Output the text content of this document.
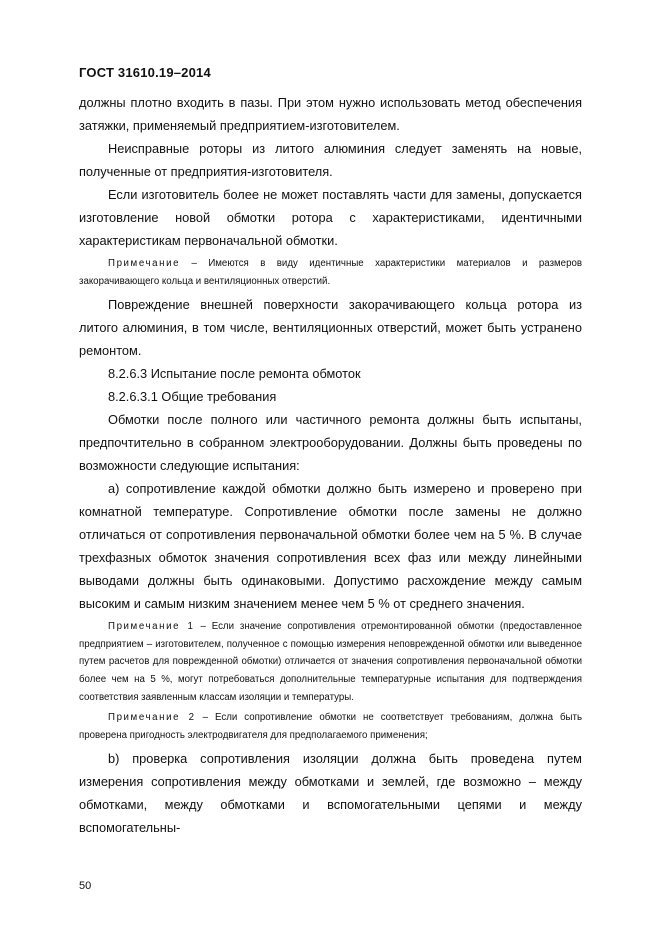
ГОСТ 31610.19–2014

должны плотно входить в пазы. При этом нужно использовать метод обеспечения затяжки, применяемый предприятием-изготовителем.

Неисправные роторы из литого алюминия следует заменять на новые, полученные от предприятия-изготовителя.

Если изготовитель более не может поставлять части для замены, допускается изготовление новой обмотки ротора с характеристиками, идентичными характеристикам первоначальной обмотки.

Примечание – Имеются в виду идентичные характеристики материалов и размеров закорачивающего кольца и вентиляционных отверстий.

Повреждение внешней поверхности закорачивающего кольца ротора из литого алюминия, в том числе, вентиляционных отверстий, может быть устранено ремонтом.

8.2.6.3 Испытание после ремонта обмоток

8.2.6.3.1 Общие требования

Обмотки после полного или частичного ремонта должны быть испытаны, предпочтительно в собранном электрооборудовании. Должны быть проведены по возможности следующие испытания:

a) сопротивление каждой обмотки должно быть измерено и проверено при комнатной температуре. Сопротивление обмотки после замены не должно отличаться от сопротивления первоначальной обмотки более чем на 5 %. В случае трехфазных обмоток значения сопротивления всех фаз или между линейными выводами должны быть одинаковыми. Допустимо расхождение между самым высоким и самым низким значением менее чем 5 % от среднего значения.

Примечание 1 – Если значение сопротивления отремонтированной обмотки (предоставленное предприятием – изготовителем, полученное с помощью измерения неповрежденной обмотки или выведенное путем расчетов для поврежденной обмотки) отличается от значения сопротивления первоначальной обмотки более чем на 5 %, могут потребоваться дополнительные температурные испытания для подтверждения соответствия заявленным классам изоляции и температуры.

Примечание 2 – Если сопротивление обмотки не соответствует требованиям, должна быть проверена пригодность электродвигателя для предполагаемого применения;

b) проверка сопротивления изоляции должна быть проведена путем измерения сопротивления между обмотками и землей, где возможно – между обмотками, между обмотками и вспомогательными цепями и между вспомогательны-

50
